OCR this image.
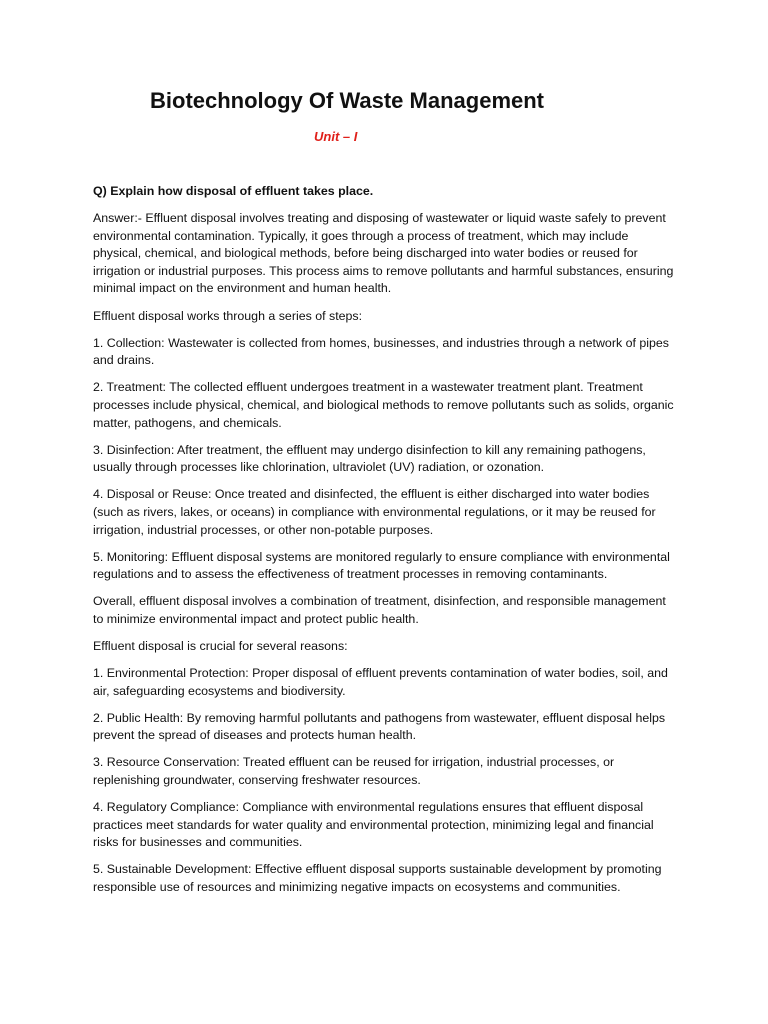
Biotechnology Of Waste Management
Unit – I

Q) Explain how disposal of effluent takes place.

Answer:- Effluent disposal involves treating and disposing of wastewater or liquid waste safely to prevent environmental contamination. Typically, it goes through a process of treatment, which may include physical, chemical, and biological methods, before being discharged into water bodies or reused for irrigation or industrial purposes. This process aims to remove pollutants and harmful substances, ensuring minimal impact on the environment and human health.

Effluent disposal works through a series of steps:

1. Collection: Wastewater is collected from homes, businesses, and industries through a network of pipes and drains.

2. Treatment: The collected effluent undergoes treatment in a wastewater treatment plant. Treatment processes include physical, chemical, and biological methods to remove pollutants such as solids, organic matter, pathogens, and chemicals.

3. Disinfection: After treatment, the effluent may undergo disinfection to kill any remaining pathogens, usually through processes like chlorination, ultraviolet (UV) radiation, or ozonation.

4. Disposal or Reuse: Once treated and disinfected, the effluent is either discharged into water bodies (such as rivers, lakes, or oceans) in compliance with environmental regulations, or it may be reused for irrigation, industrial processes, or other non-potable purposes.

5. Monitoring: Effluent disposal systems are monitored regularly to ensure compliance with environmental regulations and to assess the effectiveness of treatment processes in removing contaminants.

Overall, effluent disposal involves a combination of treatment, disinfection, and responsible management to minimize environmental impact and protect public health.

Effluent disposal is crucial for several reasons:

1. Environmental Protection: Proper disposal of effluent prevents contamination of water bodies, soil, and air, safeguarding ecosystems and biodiversity.

2. Public Health: By removing harmful pollutants and pathogens from wastewater, effluent disposal helps prevent the spread of diseases and protects human health.

3. Resource Conservation: Treated effluent can be reused for irrigation, industrial processes, or replenishing groundwater, conserving freshwater resources.

4. Regulatory Compliance: Compliance with environmental regulations ensures that effluent disposal practices meet standards for water quality and environmental protection, minimizing legal and financial risks for businesses and communities.

5. Sustainable Development: Effective effluent disposal supports sustainable development by promoting responsible use of resources and minimizing negative impacts on ecosystems and communities.
